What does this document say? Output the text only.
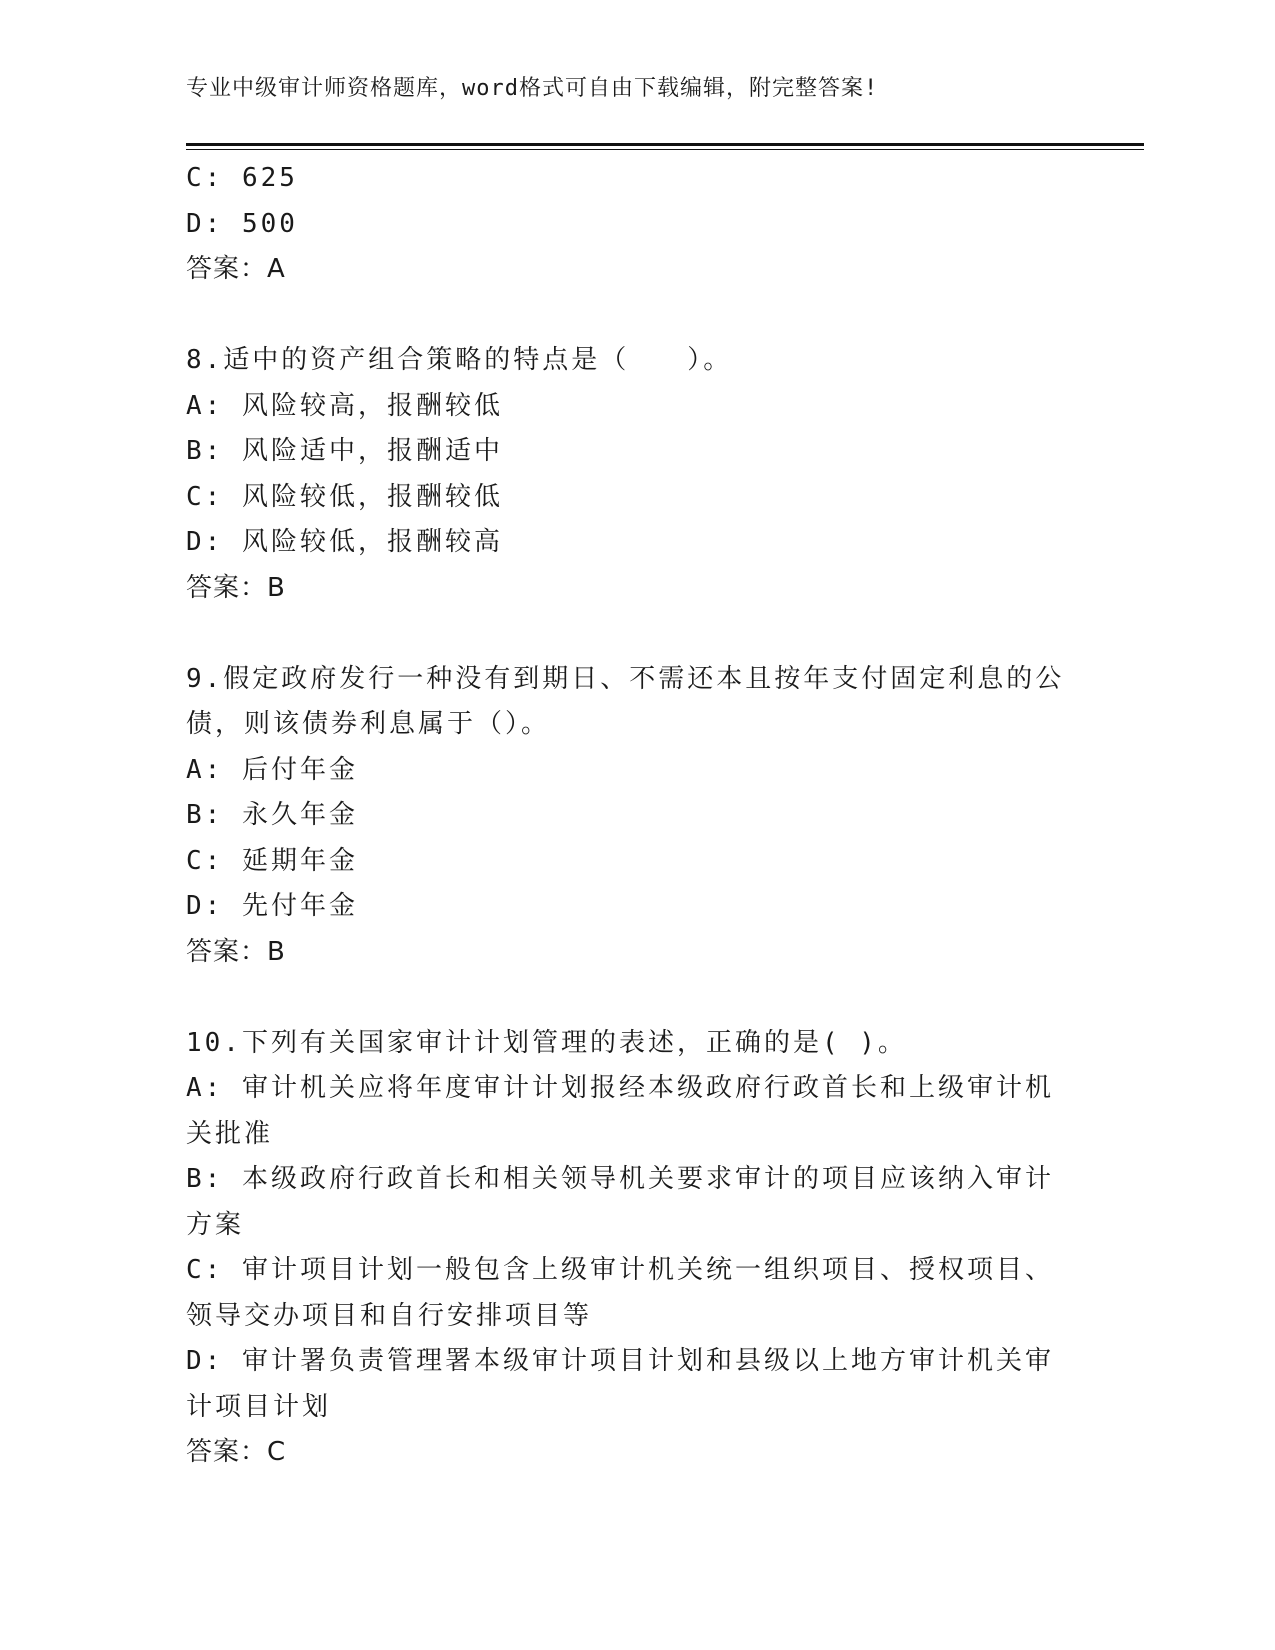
专业中级审计师资格题库，word格式可自由下载编辑，附完整答案!
C: 625
D: 500
答案：A
8.适中的资产组合策略的特点是（　　）。
A: 风险较高，报酬较低
B: 风险适中，报酬适中
C: 风险较低，报酬较低
D: 风险较低，报酬较高
答案：B
9.假定政府发行一种没有到期日、不需还本且按年支付固定利息的公债，则该债券利息属于（）。
A: 后付年金
B: 永久年金
C: 延期年金
D: 先付年金
答案：B
10.下列有关国家审计计划管理的表述，正确的是( )。
A: 审计机关应将年度审计计划报经本级政府行政首长和上级审计机关批准
B: 本级政府行政首长和相关领导机关要求审计的项目应该纳入审计方案
C: 审计项目计划一般包含上级审计机关统一组织项目、授权项目、领导交办项目和自行安排项目等
D: 审计署负责管理署本级审计项目计划和县级以上地方审计机关审计项目计划
答案：C
